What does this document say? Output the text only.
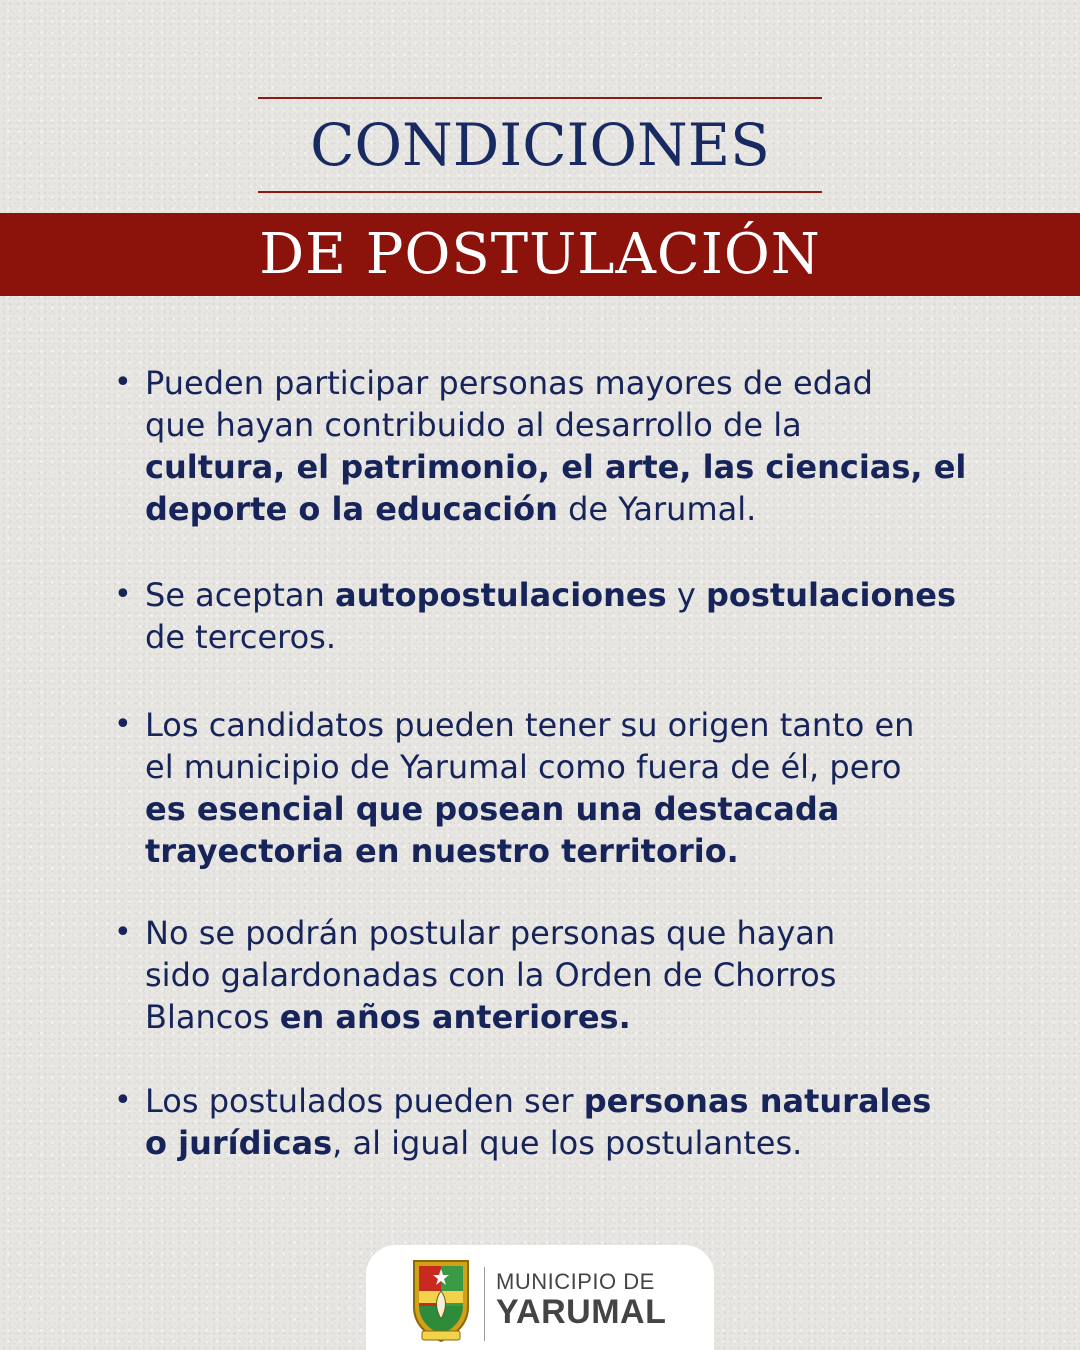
CONDICIONES
DE POSTULACIÓN
• Pueden participar personas mayores de edad
que hayan contribuido al desarrollo de la
cultura, el patrimonio, el arte, las ciencias, el
deporte o la educación de Yarumal.
• Se aceptan autopostulaciones y postulaciones
de terceros.
• Los candidatos pueden tener su origen tanto en
el municipio de Yarumal como fuera de él, pero
es esencial que posean una destacada
trayectoria en nuestro territorio.
• No se podrán postular personas que hayan
sido galardonadas con la Orden de Chorros
Blancos en años anteriores.
• Los postulados pueden ser personas naturales
o jurídicas, al igual que los postulantes.
MUNICIPIO DE
YARUMAL
